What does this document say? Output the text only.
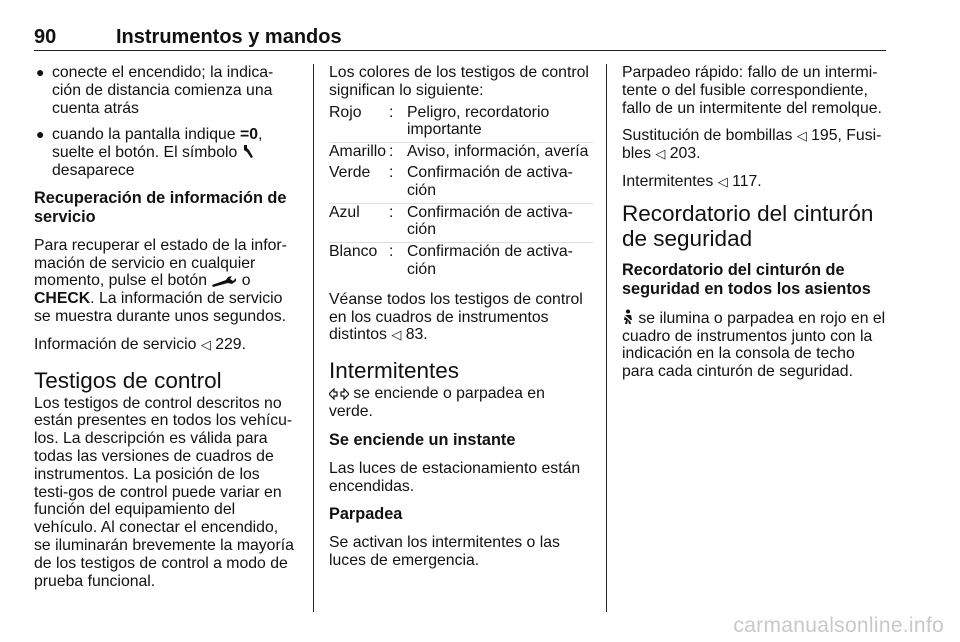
90	Instrumentos y mandos
● conecte el encendido; la indica-ción de distancia comienza una cuenta atrás
● cuando la pantalla indique =0, suelte el botón. El símbolo  desaparece
Recuperación de información de servicio

Para recuperar el estado de la infor-mación de servicio en cualquier momento, pulse el botón  o CHECK. La información de servicio se muestra durante unos segundos.

Información de servicio ◁ 229.

Testigos de control

Los testigos de control descritos no están presentes en todos los vehícu-los. La descripción es válida para todas las versiones de cuadros de instrumentos. La posición de los testi-gos de control puede variar en función del equipamiento del vehículo. Al conectar el encendido, se iluminarán brevemente la mayoría de los testigos de control a modo de prueba funcional.

Los colores de los testigos de control significan lo siguiente:

Rojo	:	Peligro, recordatorio importante
Amarillo	:	Aviso, información, avería
Verde	:	Confirmación de activa-ción
Azul	:	Confirmación de activa-ción
Blanco	:	Confirmación de activa-ción

Véanse todos los testigos de control en los cuadros de instrumentos distintos ◁ 83.

Intermitentes

se enciende o parpadea en verde.

Se enciende un instante

Las luces de estacionamiento están encendidas.

Parpadea

Se activan los intermitentes o las luces de emergencia.

Parpadeo rápido: fallo de un intermi-tente o del fusible correspondiente, fallo de un intermitente del remolque.

Sustitución de bombillas ◁ 195, Fusi-bles ◁ 203.

Intermitentes ◁ 117.

Recordatorio del cinturón de seguridad
Recordatorio del cinturón de seguridad en todos los asientos

se ilumina o parpadea en rojo en el cuadro de instrumentos junto con la indicación en la consola de techo para cada cinturón de seguridad.

carmanualsonline.info
